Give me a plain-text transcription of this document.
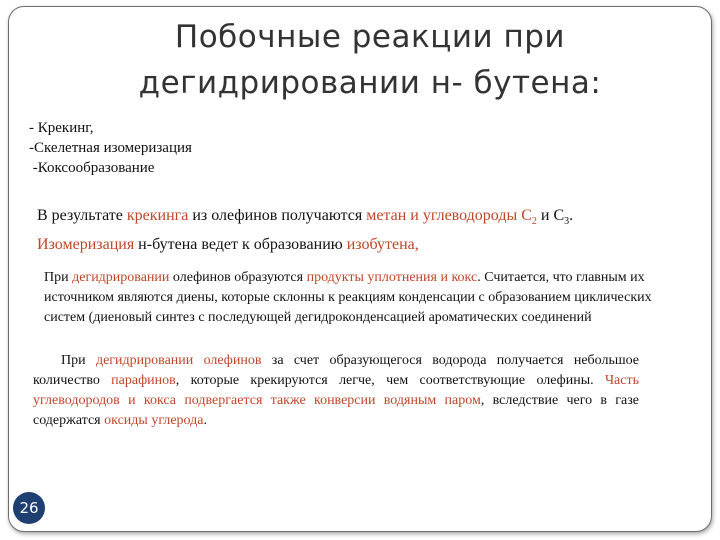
Побочные реакции при
дегидрировании н- бутена:
- Крекинг,
-Скелетная изомеризация
-Коксообразование
В результате крекинга из олефинов получаются метан и углеводороды $С_2$ и $С_3$.
Изомеризация н-бутена ведет к образованию изобутена,
При дегидрировании олефинов образуются продукты уплотнения и кокс. Считается, что главным их источником являются диены, которые склонны к реакциям конденсации с образованием циклических систем (диеновый синтез с последующей дегидроконденсацией ароматических соединений
При дегидрировании олефинов за счет образующегося водорода получается небольшое количество парафинов, которые крекируются легче, чем соответствующие олефины. Часть углеводородов и кокса подвергается также конверсии водяным паром, вследствие чего в газе содержатся оксиды углерода.
26
